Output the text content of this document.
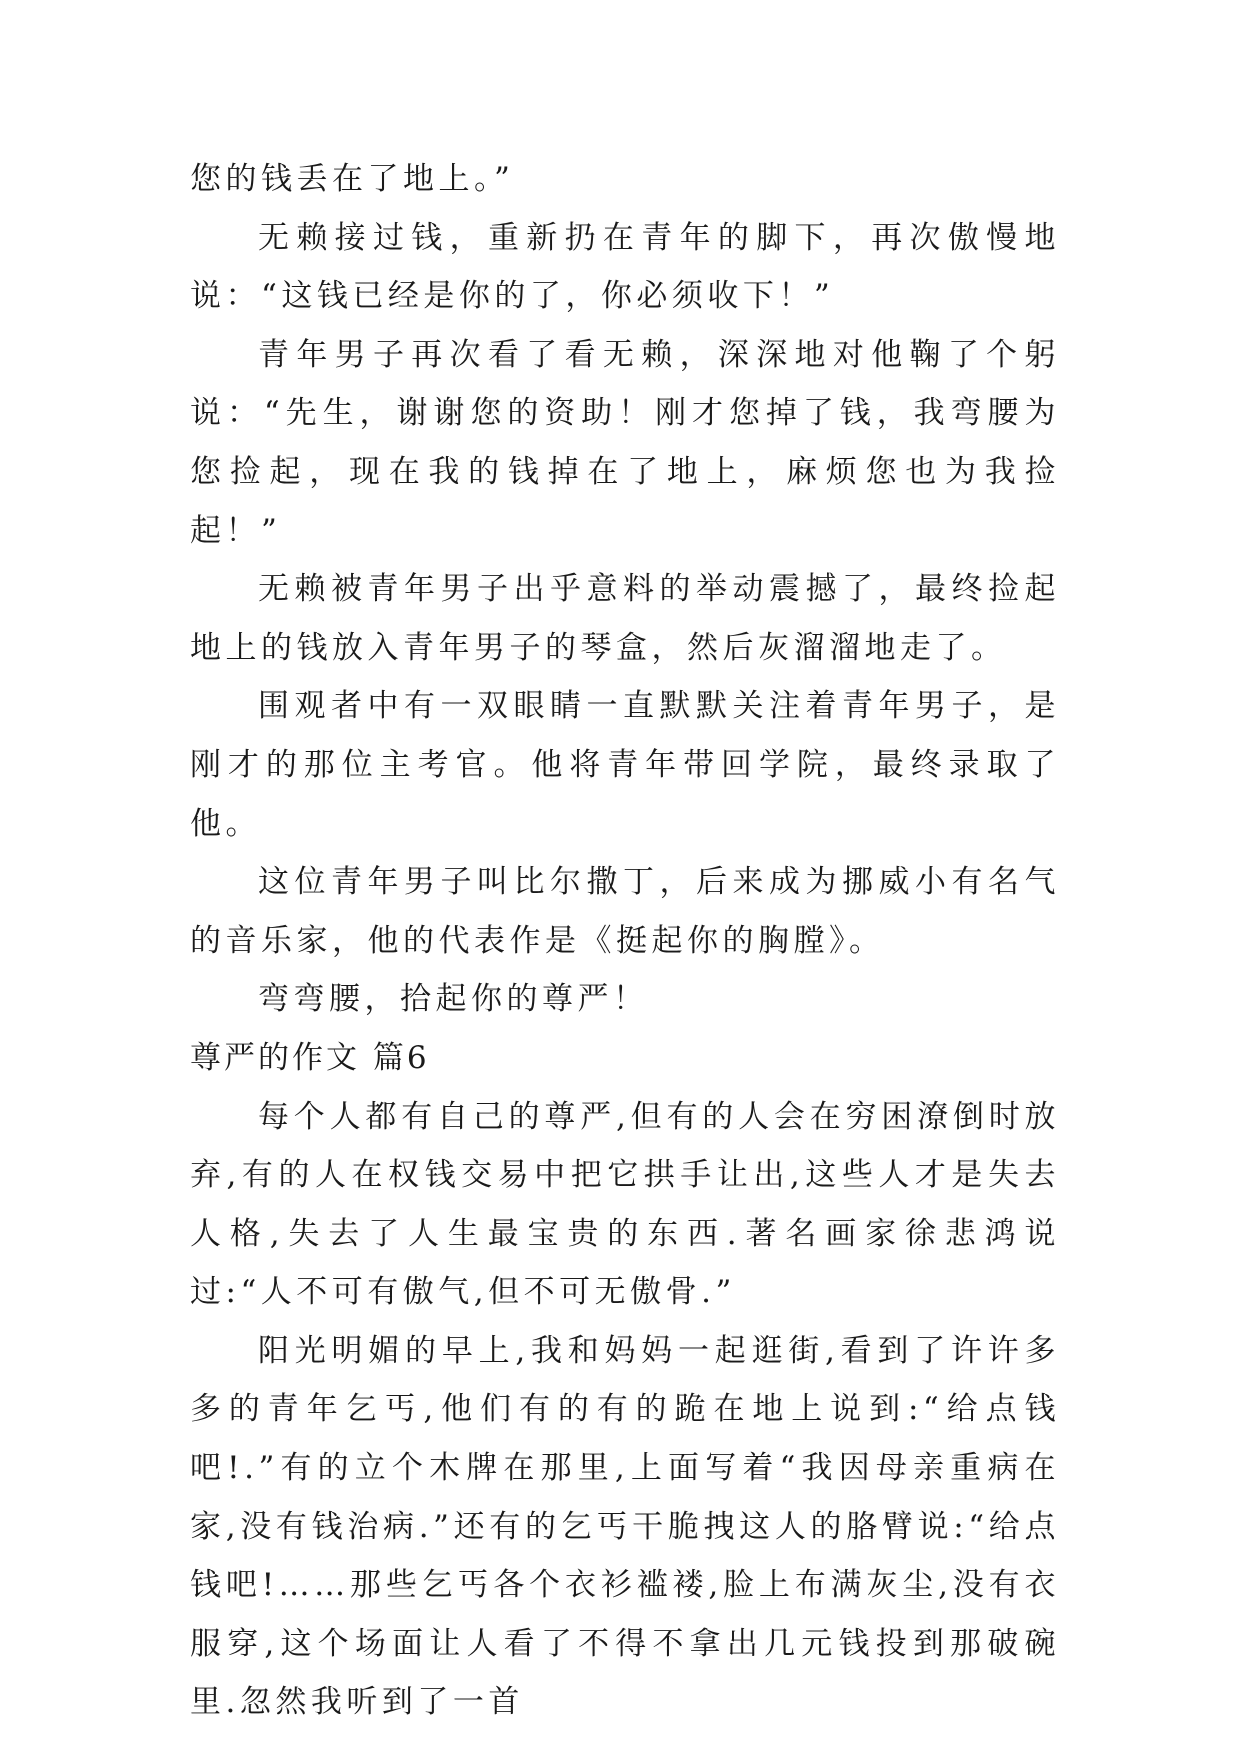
您的钱丢在了地上。”

无赖接过钱，重新扔在青年的脚下，再次傲慢地说：“这钱已经是你的了，你必须收下！”

青年男子再次看了看无赖，深深地对他鞠了个躬说：“先生，谢谢您的资助！刚才您掉了钱，我弯腰为您捡起，现在我的钱掉在了地上，麻烦您也为我捡起！”

无赖被青年男子出乎意料的举动震撼了，最终捡起地上的钱放入青年男子的琴盒，然后灰溜溜地走了。

围观者中有一双眼睛一直默默关注着青年男子，是刚才的那位主考官。他将青年带回学院，最终录取了他。

这位青年男子叫比尔撒丁，后来成为挪威小有名气的音乐家，他的代表作是《挺起你的胸膛》。

弯弯腰，拾起你的尊严！

尊严的作文 篇6

每个人都有自己的尊严,但有的人会在穷困潦倒时放弃,有的人在权钱交易中把它拱手让出,这些人才是失去人格,失去了人生最宝贵的东西.著名画家徐悲鸿说过:“人不可有傲气,但不可无傲骨.”

阳光明媚的早上,我和妈妈一起逛街,看到了许许多多的青年乞丐,他们有的有的跪在地上说到:“给点钱吧!.”有的立个木牌在那里,上面写着“我因母亲重病在家,没有钱治病.”还有的乞丐干脆拽这人的胳臂说:“给点钱吧!……那些乞丐各个衣衫褴褛,脸上布满灰尘,没有衣服穿,这个场面让人看了不得不拿出几元钱投到那破碗里.忽然我听到了一首
